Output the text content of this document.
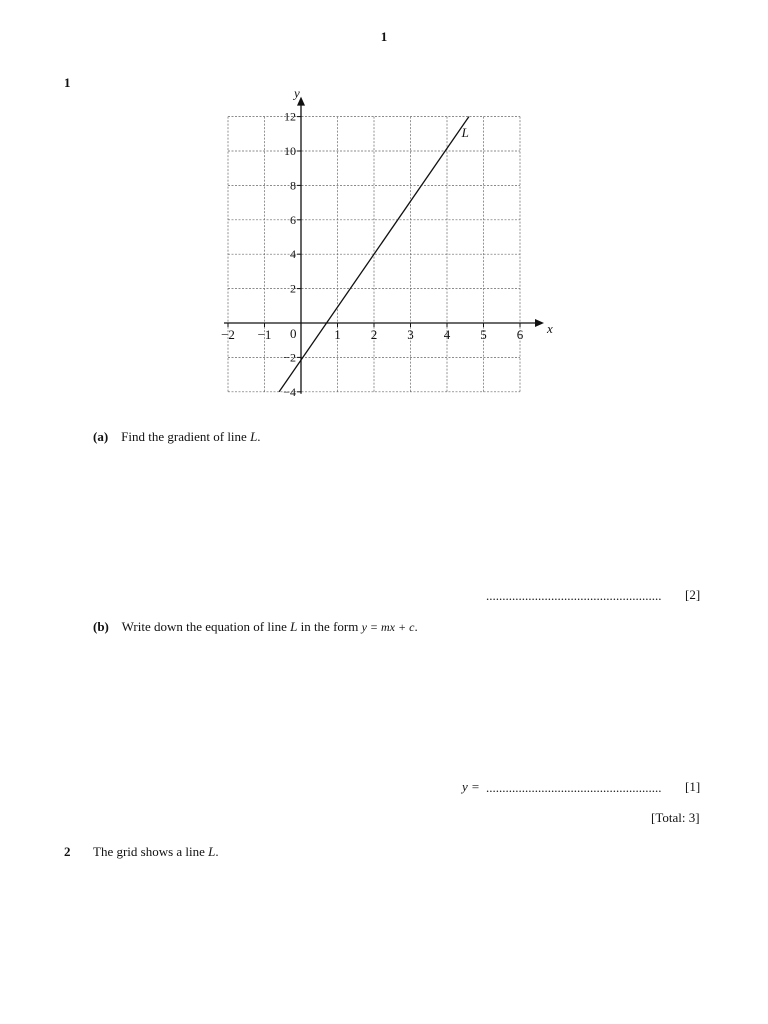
1
1
−2 −1	1 2 3 4 5 6
12
10
8
6
4
2
−2
−4
L
x
y
0
(a) Find the gradient of line L.
...................................................... [2]
(b) Write down the equation of line L in the form y = mx + c.
y = ...................................................... [1]
[Total: 3]
2 The grid shows a line L.
